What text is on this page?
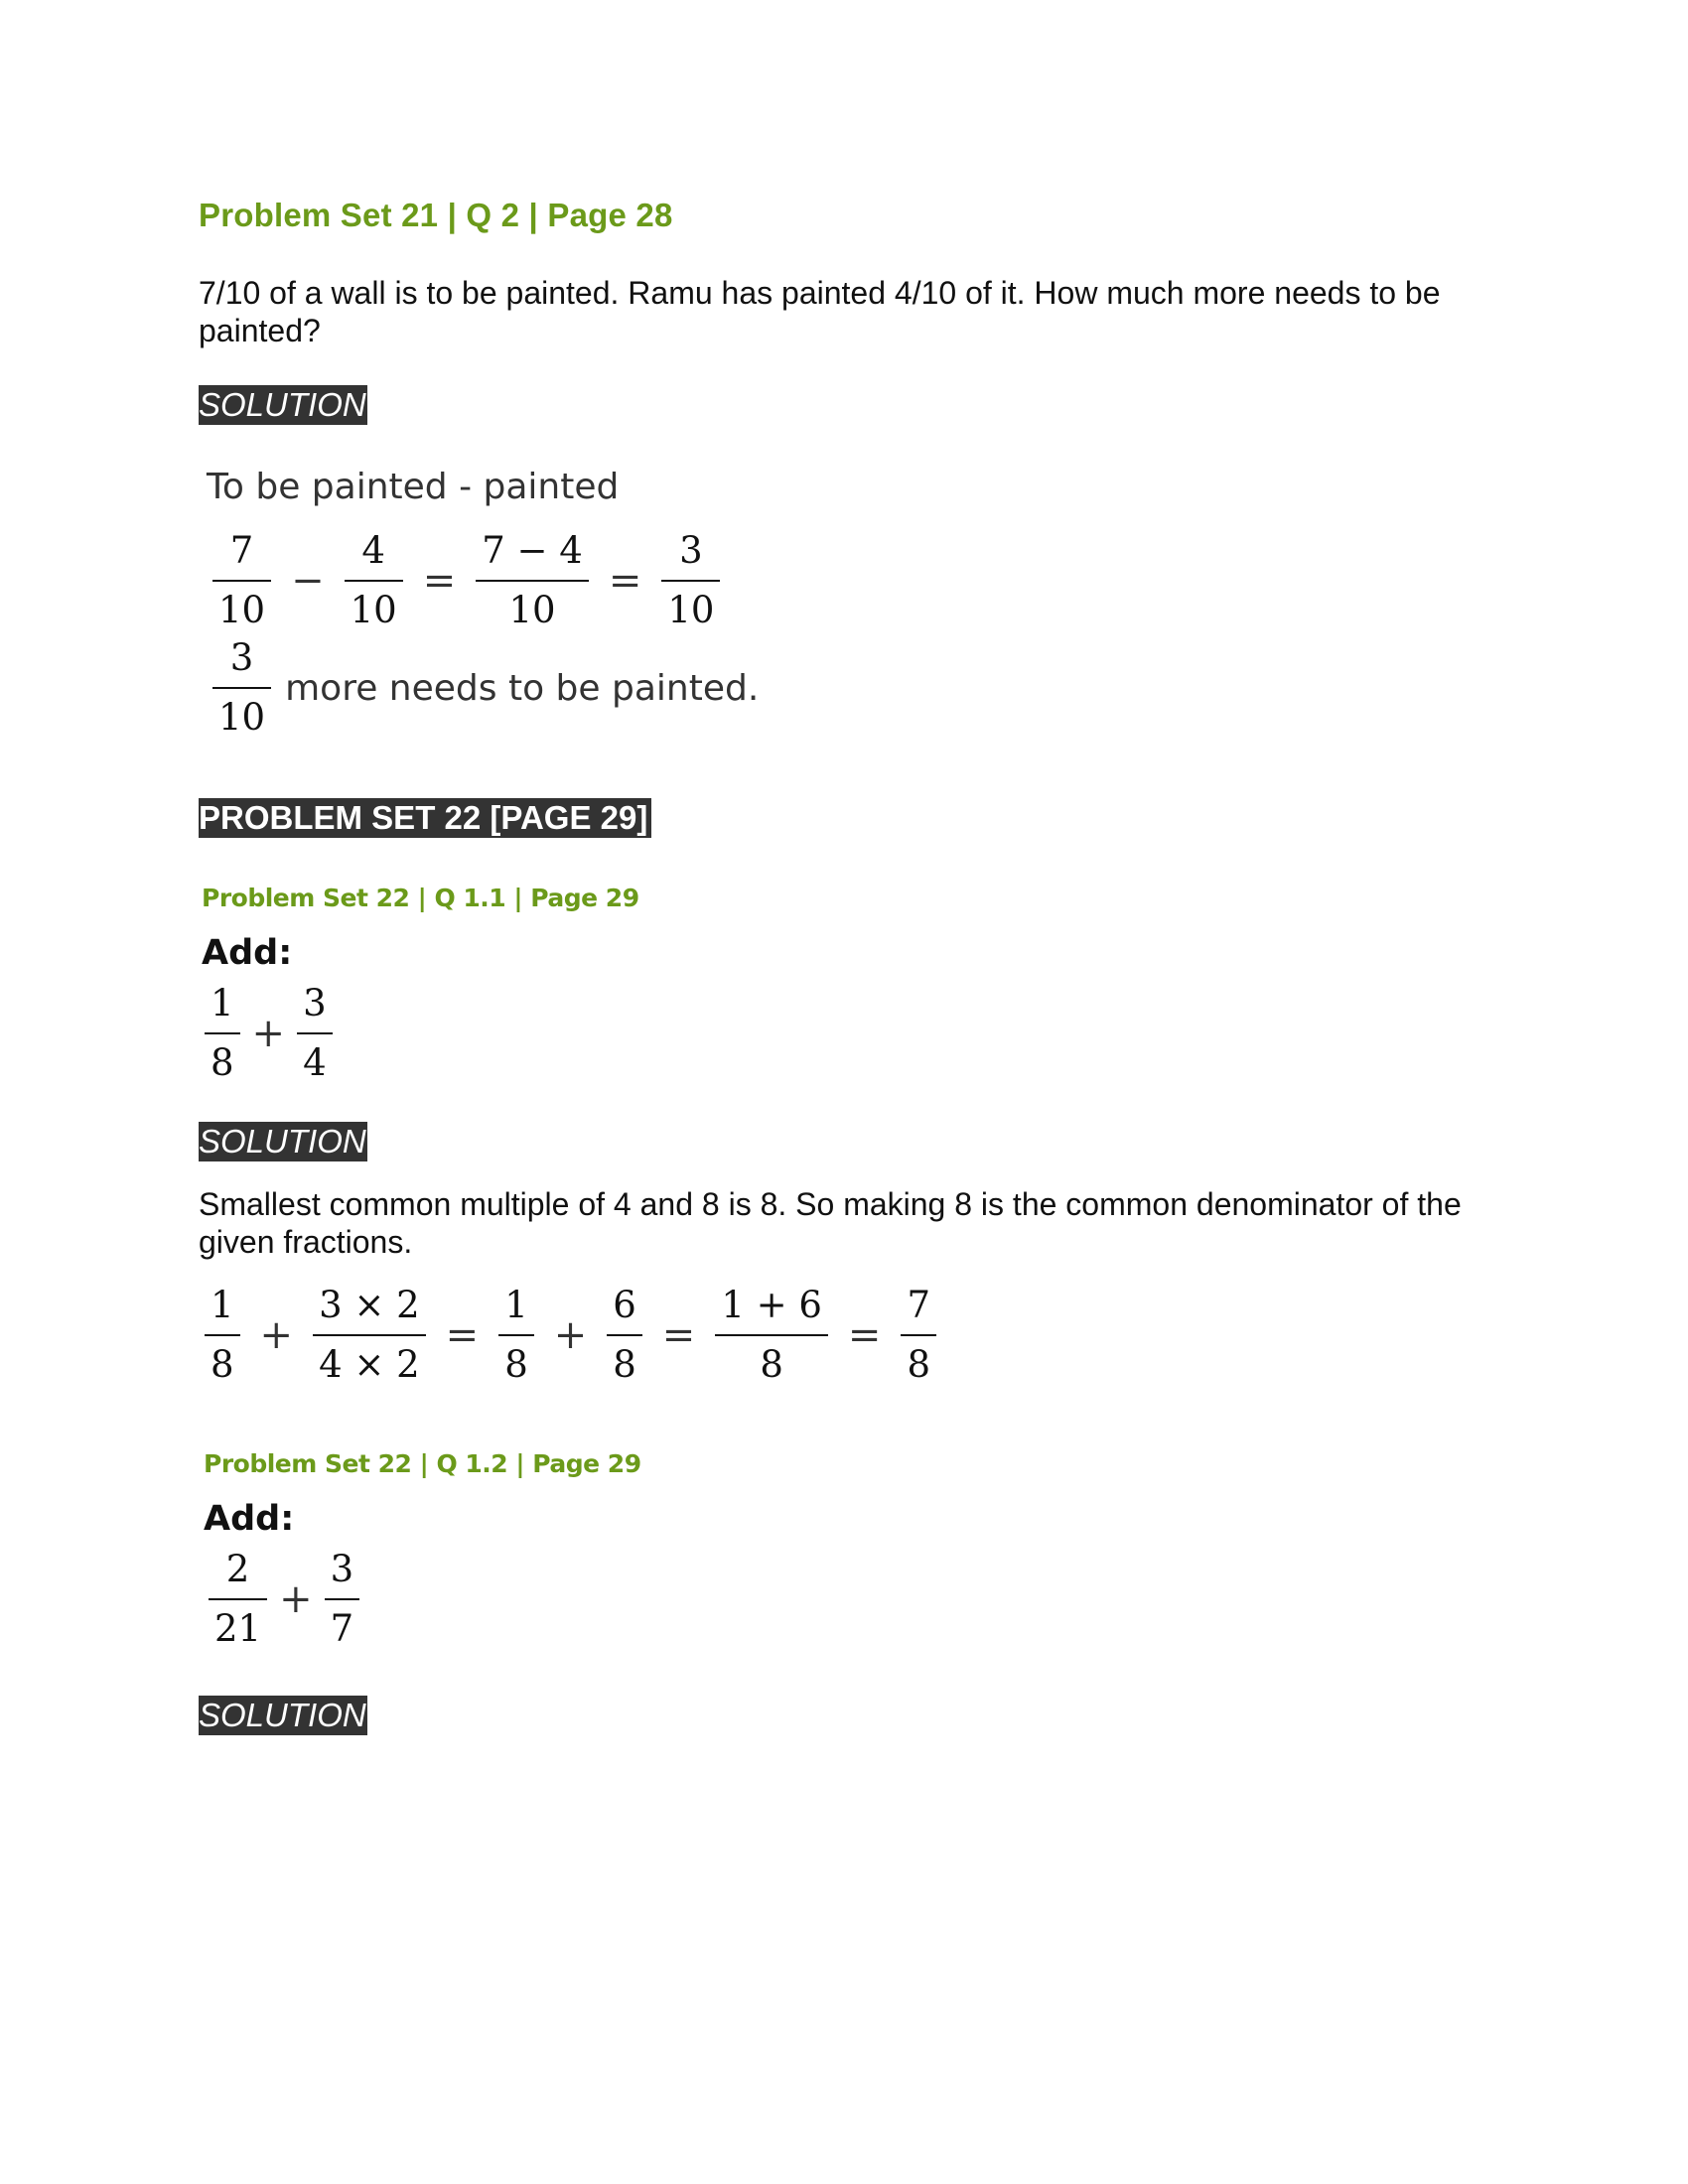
Problem Set 21 | Q 2 | Page 28
7/10 of a wall is to be painted. Ramu has painted 4/10 of it. How much more needs to be painted?
SOLUTION
To be painted - painted
$\frac{7}{10} - \frac{4}{10} = \frac{7 - 4}{10} = \frac{3}{10}$
$\frac{3}{10}$ more needs to be painted.
PROBLEM SET 22 [PAGE 29]
Problem Set 22 | Q 1.1 | Page 29
Add:
$\frac{1}{8} + \frac{3}{4}$
SOLUTION
Smallest common multiple of 4 and 8 is 8. So making 8 is the common denominator of the given fractions.
$\frac{1}{8} + \frac{3 \times 2}{4 \times 2} = \frac{1}{8} + \frac{6}{8} = \frac{1 + 6}{8} = \frac{7}{8}$
Problem Set 22 | Q 1.2 | Page 29
Add:
$\frac{2}{21} + \frac{3}{7}$
SOLUTION
